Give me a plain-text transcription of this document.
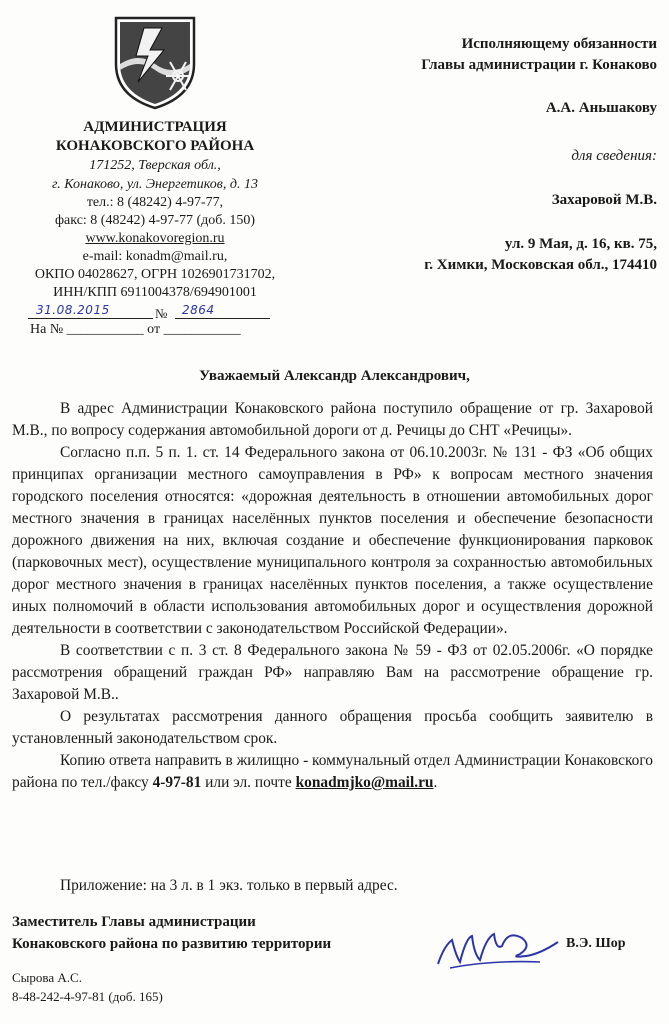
АДМИНИСТРАЦИЯ
КОНАКОВСКОГО РАЙОНА
171252, Тверская обл.,
г. Конаково, ул. Энергетиков, д. 13
тел.: 8 (48242) 4-97-77,
факс: 8 (48242) 4-97-77 (доб. 150)
www.konakovoregion.ru
e-mail: konadm@mail.ru,
ОКПО 04028627, ОГРН 1026901731702,
ИНН/КПП 6911004378/694901001
31.08.2015	№ 2864
На № ___________ от ___________
Исполняющему обязанности
Главы администрации г. Конаково
А.А. Аньшакову
для сведения:
Захаровой М.В.
ул. 9 Мая, д. 16, кв. 75,
г. Химки, Московская обл., 174410
Уважаемый Александр Александрович,

В адрес Администрации Конаковского района поступило обращение от гр. Захаровой М.В., по вопросу содержания автомобильной дороги от д. Речицы до СНТ «Речицы».

Согласно п.п. 5 п. 1. ст. 14 Федерального закона от 06.10.2003г. № 131 - ФЗ «Об общих принципах организации местного самоуправления в РФ» к вопросам местного значения городского поселения относятся: «дорожная деятельность в отношении автомобильных дорог местного значения в границах населённых пунктов поселения и обеспечение безопасности дорожного движения на них, включая создание и обеспечение функционирования парковок (парковочных мест), осуществление муниципального контроля за сохранностью автомобильных дорог местного значения в границах населённых пунктов поселения, а также осуществление иных полномочий в области использования автомобильных дорог и осуществления дорожной деятельности в соответствии с законодательством Российской Федерации».

В соответствии с п. 3 ст. 8 Федерального закона № 59 - ФЗ от 02.05.2006г. «О порядке рассмотрения обращений граждан РФ» направляю Вам на рассмотрение обращение гр. Захаровой М.В..

О результатах рассмотрения данного обращения просьба сообщить заявителю в установленный законодательством срок.

Копию ответа направить в жилищно - коммунальный отдел Администрации Конаковского района по тел./факсу 4-97-81 или эл. почте konadmjko@mail.ru.

Приложение: на 3 л. в 1 экз. только в первый адрес.
Заместитель Главы администрации
Конаковского района по развитию территории	В.Э. Шор
Сырова А.С.
8-48-242-4-97-81 (доб. 165)
